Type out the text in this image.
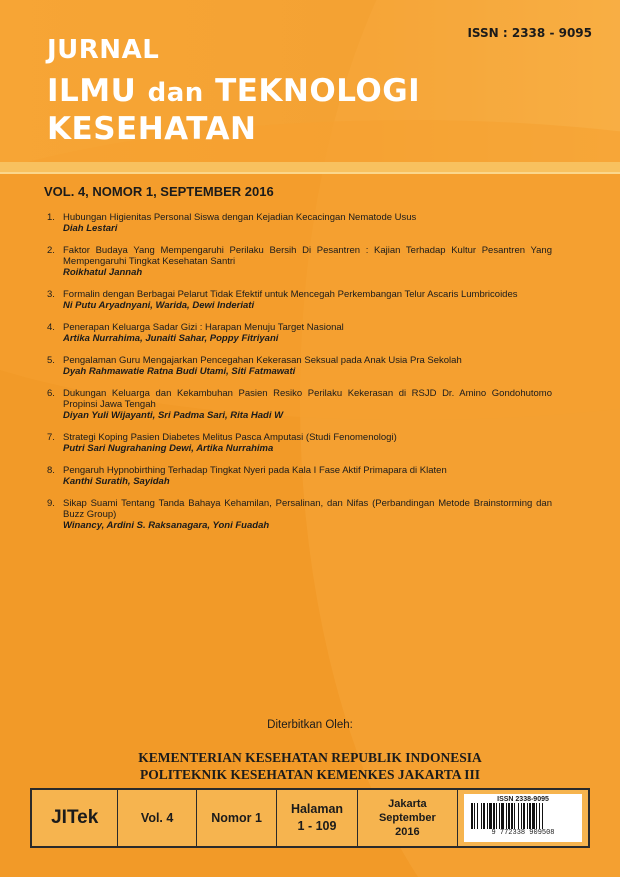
ISSN : 2338 - 9095
JURNAL
ILMU dan TEKNOLOGI
KESEHATAN
VOL. 4, NOMOR 1, SEPTEMBER 2016
1. Hubungan Higienitas Personal Siswa dengan Kejadian Kecacingan Nematode Usus
Diah Lestari
2. Faktor Budaya Yang Mempengaruhi Perilaku Bersih Di Pesantren : Kajian Terhadap Kultur Pesantren Yang Mempengaruhi Tingkat Kesehatan Santri
Roikhatul Jannah
3. Formalin dengan Berbagai Pelarut Tidak Efektif untuk Mencegah Perkembangan Telur Ascaris Lumbricoides
Ni Putu Aryadnyani, Warida, Dewi Inderiati
4. Penerapan Keluarga Sadar Gizi : Harapan Menuju Target Nasional
Artika Nurrahima, Junaiti Sahar, Poppy Fitriyani
5. Pengalaman Guru Mengajarkan Pencegahan Kekerasan Seksual pada Anak Usia Pra Sekolah
Dyah Rahmawatie Ratna Budi Utami, Siti Fatmawati
6. Dukungan Keluarga dan Kekambuhan Pasien Resiko Perilaku Kekerasan di RSJD Dr. Amino Gondohutomo Propinsi Jawa Tengah
Diyan Yuli Wijayanti, Sri Padma Sari, Rita Hadi W
7. Strategi Koping Pasien Diabetes Melitus Pasca Amputasi (Studi Fenomenologi)
Putri Sari Nugrahaning Dewi, Artika Nurrahima
8. Pengaruh Hypnobirthing Terhadap Tingkat Nyeri pada Kala I Fase Aktif Primapara di Klaten
Kanthi Suratih, Sayidah
9. Sikap Suami Tentang Tanda Bahaya Kehamilan, Persalinan, dan Nifas (Perbandingan Metode Brainstorming dan Buzz Group)
Winancy, Ardini S. Raksanagara, Yoni Fuadah
Diterbitkan Oleh:
KEMENTERIAN KESEHATAN REPUBLIK INDONESIA
POLITEKNIK KESEHATAN KEMENKES JAKARTA III
JITek	Vol. 4	Nomor 1
Halaman
1 - 109
Jakarta
September
2016
ISSN 2338-9095
9 772338 909508
